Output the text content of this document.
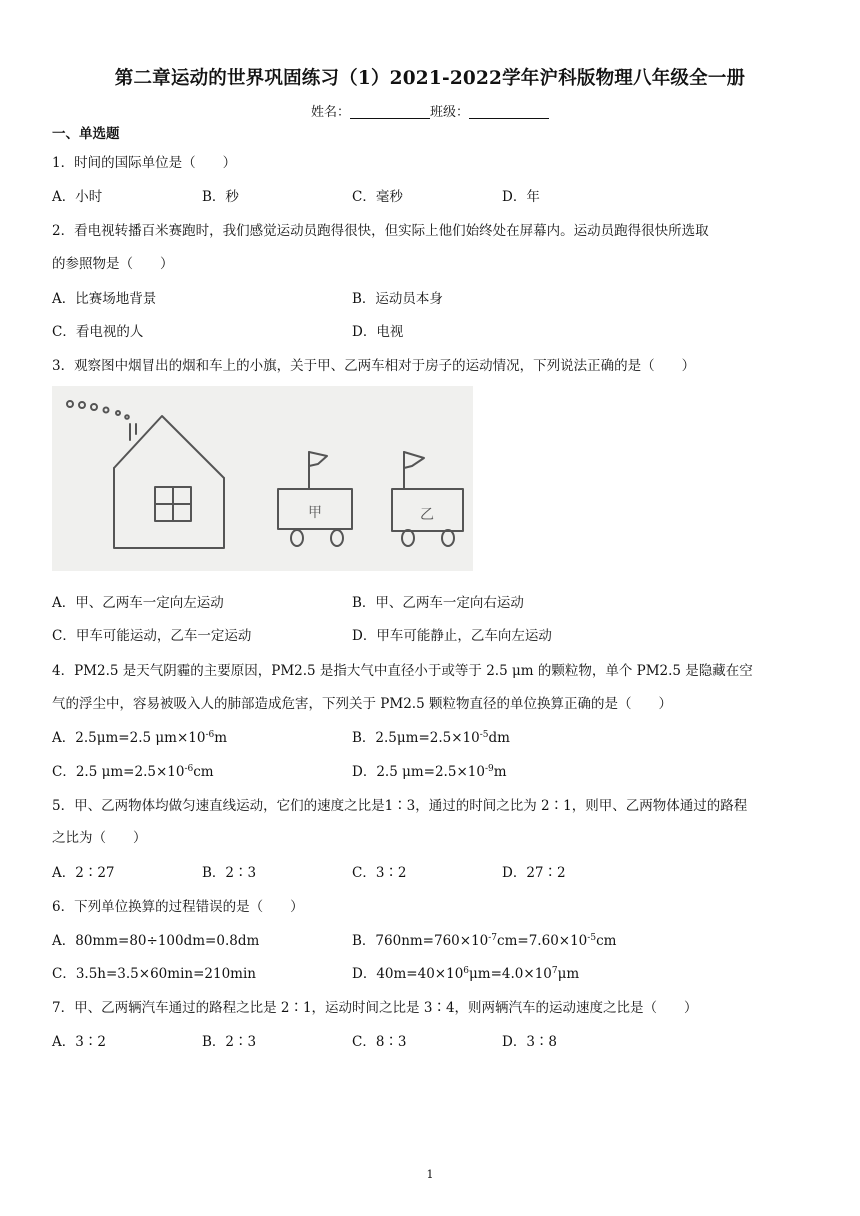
第二章运动的世界巩固练习（1）2021-2022学年沪科版物理八年级全一册
姓名：	班级：
一、单选题
1．时间的国际单位是（　　）
A．小时	B．秒	C．毫秒	D．年
2．看电视转播百米赛跑时，我们感觉运动员跑得很快，但实际上他们始终处在屏幕内。运动员跑得很快所选取
的参照物是（　　）
A．比赛场地背景	B．运动员本身
C．看电视的人	D．电视
3．观察图中烟冒出的烟和车上的小旗，关于甲、乙两车相对于房子的运动情况，下列说法正确的是（　　）
甲	乙
A．甲、乙两车一定向左运动	B．甲、乙两车一定向右运动
C．甲车可能运动，乙车一定运动	D．甲车可能静止，乙车向左运动
4．PM2.5 是天气阴霾的主要原因，PM2.5 是指大气中直径小于或等于 2.5 μm 的颗粒物，单个 PM2.5 是隐藏在空
气的浮尘中，容易被吸入人的肺部造成危害，下列关于 PM2.5 颗粒物直径的单位换算正确的是（　　）
A．2.5μm=2.5 $\mu m\times 10^{-6}m$	B．$2.5\mu m=2.5\times 10^{-5}dm$
C．2.5 $\mu m=2.5\times 10^{-6}cm$	D．2.5 $\mu m=2.5\times 10^{-9}m$
5．甲、乙两物体均做匀速直线运动，它们的速度之比是1∶3，通过的时间之比为 2∶1，则甲、乙两物体通过的路程
之比为（　　）
A．2∶27	B．2∶3	C．3∶2	D．27∶2
6．下列单位换算的过程错误的是（　　）
A．80mm=80÷100dm=0.8dm	B．$760nm=760\times 10^{-7}cm=7.60\times 10^{-5}cm$
C．3.5h=3.5×60min=210min	D．$40m=40\times 10^6\mu m=4.0\times 10^7\mu m$
7．甲、乙两辆汽车通过的路程之比是 2∶1，运动时间之比是 3∶4，则两辆汽车的运动速度之比是（　　）
A．3∶2	B．2∶3	C．8∶3	D．3∶8
1
